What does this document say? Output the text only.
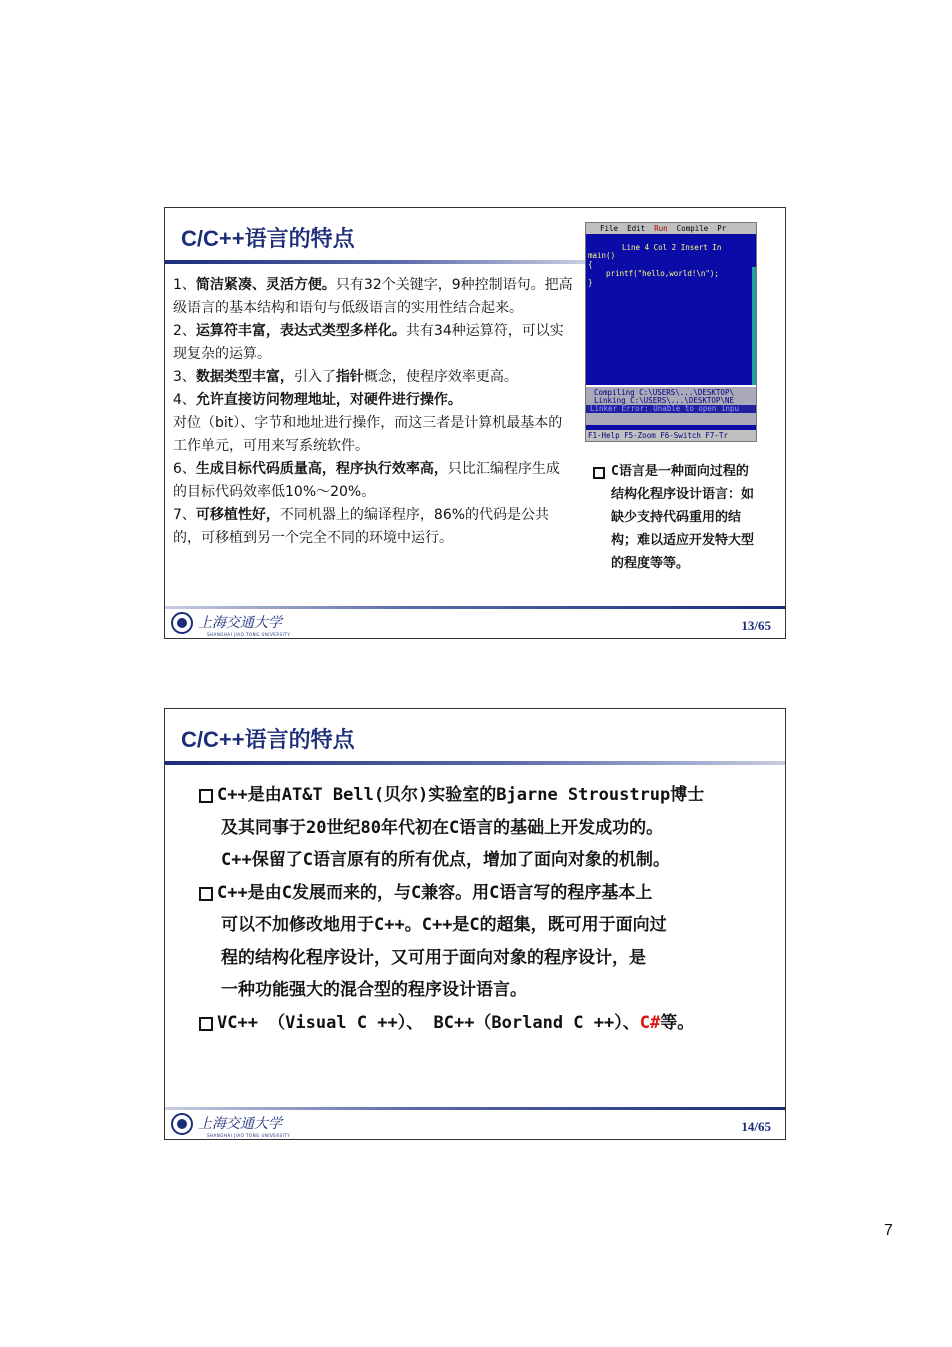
C/C++语言的特点

1、简洁紧凑、灵活方便。只有32个关键字，9种控制语句。把高级语言的基本结构和语句与低级语言的实用性结合起来。

2、运算符丰富，表达式类型多样化。共有34种运算符，可以实现复杂的运算。

3、数据类型丰富，引入了指针概念，使程序效率更高。

4、允许直接访问物理地址，对硬件进行操作。
对位（bit）、字节和地址进行操作，而这三者是计算机最基本的工作单元，可用来写系统软件。

6、生成目标代码质量高，程序执行效率高，只比汇编程序生成的目标代码效率低10%～20%。

7、可移植性好，不同机器上的编译程序，86%的代码是公共的，可移植到另一个完全不同的环境中运行。

File Edit Run Compile Pr
Line 4 Col 2 Insert In
main()
{
printf("hello,world!\n");
}
Compiling C:\USERS\...\DESKTOP\
Linking C:\USERS\...\DESKTOP\NE
Linker Error: Unable to open inpu
F1-Help F5-Zoom F6-Switch F7-Tr

C语言是一种面向过程的结构化程序设计语言：如缺少支持代码重用的结构；难以适应开发特大型的程度等等。

上海交通大学
SHANGHAI JIAO TONG UNIVERSITY
13/65
C/C++语言的特点
C++是由AT&T Bell(贝尔)实验室的Bjarne Stroustrup博士
及其同事于20世纪80年代初在C语言的基础上开发成功的。
C++保留了C语言原有的所有优点，增加了面向对象的机制。
C++是由C发展而来的，与C兼容。用C语言写的程序基本上
可以不加修改地用于C++。C++是C的超集，既可用于面向过
程的结构化程序设计，又可用于面向对象的程序设计，是
一种功能强大的混合型的程序设计语言。
VC++ （Visual C ++）、 BC++（Borland C ++）、C#等。
上海交通大学
SHANGHAI JIAO TONG UNIVERSITY
14/65
7
